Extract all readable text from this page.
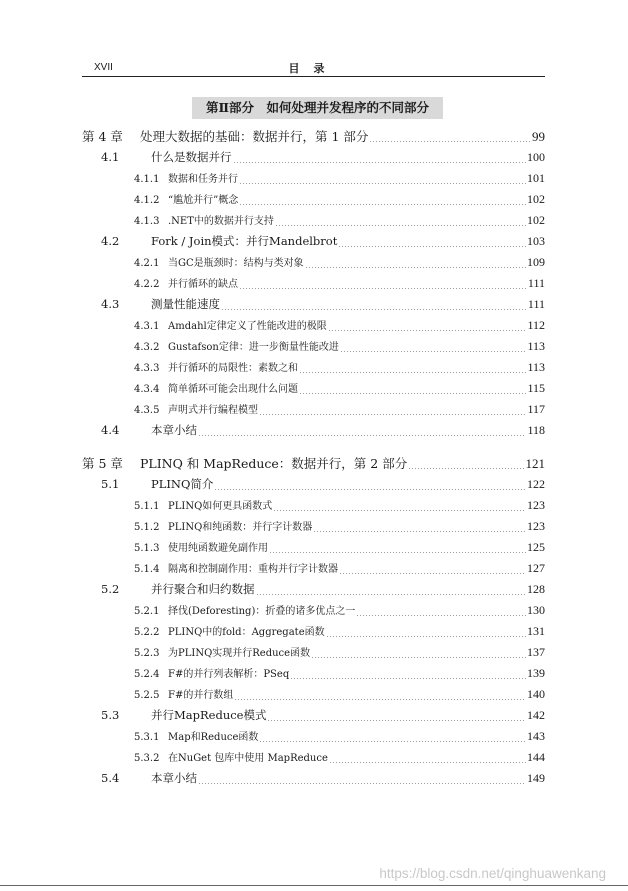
XVII	目录
第Ⅱ部分　如何处理并发程序的不同部分
第 4 章	处理大数据的基础：数据并行，第 1 部分	99
4.1	什么是数据并行	100
4.1.1 数据和任务并行	101
4.1.2 “尴尬并行”概念	102
4.1.3 .NET中的数据并行支持	102
4.2	Fork / Join模式：并行Mandelbrot	103
4.2.1 当GC是瓶颈时：结构与类对象	109
4.2.2 并行循环的缺点	111
4.3	测量性能速度	111
4.3.1 Amdahl定律定义了性能改进的极限	112
4.3.2 Gustafson定律：进一步衡量性能改进	113
4.3.3 并行循环的局限性：素数之和	113
4.3.4 简单循环可能会出现什么问题	115
4.3.5 声明式并行编程模型	117
4.4	本章小结	118
第 5 章	PLINQ 和 MapReduce：数据并行，第 2 部分	121
5.1	PLINQ简介	122
5.1.1 PLINQ如何更具函数式	123
5.1.2 PLINQ和纯函数：并行字计数器	123
5.1.3 使用纯函数避免副作用	125
5.1.4 隔离和控制副作用：重构并行字计数器	127
5.2	并行聚合和归约数据	128
5.2.1 择伐(Deforesting)：折叠的诸多优点之一	130
5.2.2 PLINQ中的fold：Aggregate函数	131
5.2.3 为PLINQ实现并行Reduce函数	137
5.2.4 F#的并行列表解析：PSeq	139
5.2.5 F#的并行数组	140
5.3	并行MapReduce模式	142
5.3.1 Map和Reduce函数	143
5.3.2 在NuGet 包库中使用 MapReduce	144
5.4	本章小结	149
https://blog.csdn.net/qinghuawenkang
